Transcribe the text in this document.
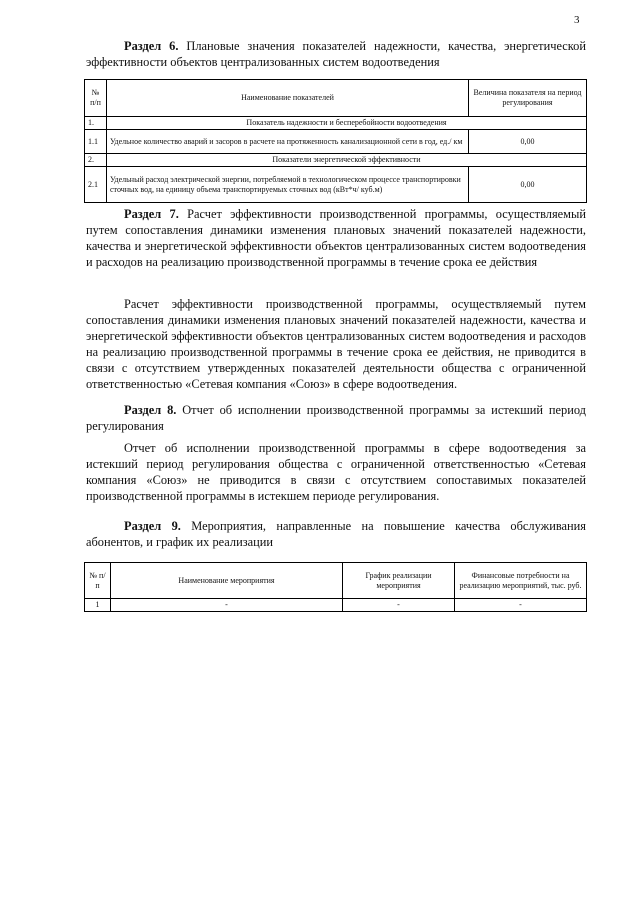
3

Раздел 6. Плановые значения показателей надежности, качества, энергетической эффективности объектов централизованных систем водоотведения

№ п/п	Наименование показателей	Величина показателя на период регулирования
1.	Показатель надежности и бесперебойности водоотведения	
1.1	Удельное количество аварий и засоров в расчете на протяженность канализационной сети в год, ед./ км	0,00
2.	Показатели энергетической эффективности	
2.1	Удельный расход электрической энергии, потребляемой в технологическом процессе транспортировки сточных вод, на единицу объема транспортируемых сточных вод (кВт*ч/ куб.м)	0,00

Раздел 7. Расчет эффективности производственной программы, осуществляемый путем сопоставления динамики изменения плановых значений показателей надежности, качества и энергетической эффективности объектов централизованных систем водоотведения и расходов на реализацию производственной программы в течение срока ее действия

Расчет эффективности производственной программы, осуществляемый путем сопоставления динамики изменения плановых значений показателей надежности, качества и энергетической эффективности объектов централизованных систем водоотведения и расходов на реализацию производственной программы в течение срока ее действия, не приводится в связи с отсутствием утвержденных показателей деятельности общества с ограниченной ответственностью «Сетевая компания «Союз» в сфере водоотведения.

Раздел 8. Отчет об исполнении производственной программы за истекший период регулирования

Отчет об исполнении производственной программы в сфере водоотведения за истекший период регулирования общества с ограниченной ответственностью «Сетевая компания «Союз» не приводится в связи с отсутствием сопоставимых показателей производственной программы в истекшем периоде регулирования.

Раздел 9. Мероприятия, направленные на повышение качества обслуживания абонентов, и график их реализации

№ п/п	Наименование мероприятия	График реализации мероприятия	Финансовые потребности на реализацию мероприятий, тыс. руб.
1	-	-	-
